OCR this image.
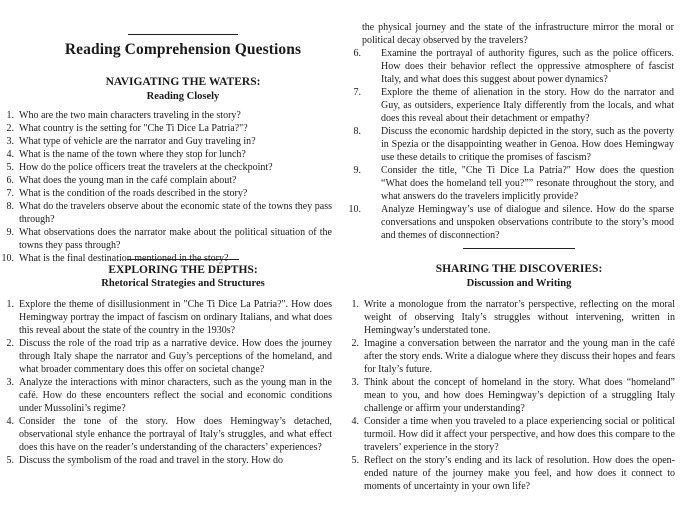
Reading Comprehension Questions
NAVIGATING THE WATERS:
Reading Closely
1. Who are the two main characters traveling in the story?
2. What country is the setting for "Che Ti Dice La Patria?"?
3. What type of vehicle are the narrator and Guy traveling in?
4. What is the name of the town where they stop for lunch?
5. How do the police officers treat the travelers at the checkpoint?
6. What does the young man in the café complain about?
7. What is the condition of the roads described in the story?
8. What do the travelers observe about the economic state of the towns they pass through?
9. What observations does the narrator make about the political situation of the towns they pass through?
10. What is the final destination mentioned in the story?
EXPLORING THE DEPTHS:
Rhetorical Strategies and Structures
1. Explore the theme of disillusionment in "Che Ti Dice La Patria?". How does Hemingway portray the impact of fascism on ordinary Italians, and what does this reveal about the state of the country in the 1930s?
2. Discuss the role of the road trip as a narrative device. How does the journey through Italy shape the narrator and Guy’s perceptions of the homeland, and what broader commentary does this offer on societal change?
3. Analyze the interactions with minor characters, such as the young man in the café. How do these encounters reflect the social and economic conditions under Mussolini’s regime?
4. Consider the tone of the story. How does Hemingway’s detached, observational style enhance the portrayal of Italy’s struggles, and what effect does this have on the reader’s understanding of the characters’ experiences?
5. Discuss the symbolism of the road and travel in the story. How do
the physical journey and the state of the infrastructure mirror the moral or political decay observed by the travelers?
6. Examine the portrayal of authority figures, such as the police officers. How does their behavior reflect the oppressive atmosphere of fascist Italy, and what does this suggest about power dynamics?
7. Explore the theme of alienation in the story. How do the narrator and Guy, as outsiders, experience Italy differently from the locals, and what does this reveal about their detachment or empathy?
8. Discuss the economic hardship depicted in the story, such as the poverty in Spezia or the disappointing weather in Genoa. How does Hemingway use these details to critique the promises of fascism?
9. Consider the title, "Che Ti Dice La Patria?" How does the question “What does the homeland tell you?”” resonate throughout the story, and what answers do the travelers implicitly provide?
10. Analyze Hemingway’s use of dialogue and silence. How do the sparse conversations and unspoken observations contribute to the story’s mood and themes of disconnection?
SHARING THE DISCOVERIES:
Discussion and Writing
1. Write a monologue from the narrator’s perspective, reflecting on the moral weight of observing Italy’s struggles without intervening, written in Hemingway’s understated tone.
2. Imagine a conversation between the narrator and the young man in the café after the story ends. Write a dialogue where they discuss their hopes and fears for Italy’s future.
3. Think about the concept of homeland in the story. What does “homeland” mean to you, and how does Hemingway’s depiction of a struggling Italy challenge or affirm your understanding?
4. Consider a time when you traveled to a place experiencing social or political turmoil. How did it affect your perspective, and how does this compare to the travelers’ experience in the story?
5. Reflect on the story’s ending and its lack of resolution. How does the open-ended nature of the journey make you feel, and how does it connect to moments of uncertainty in your own life?
